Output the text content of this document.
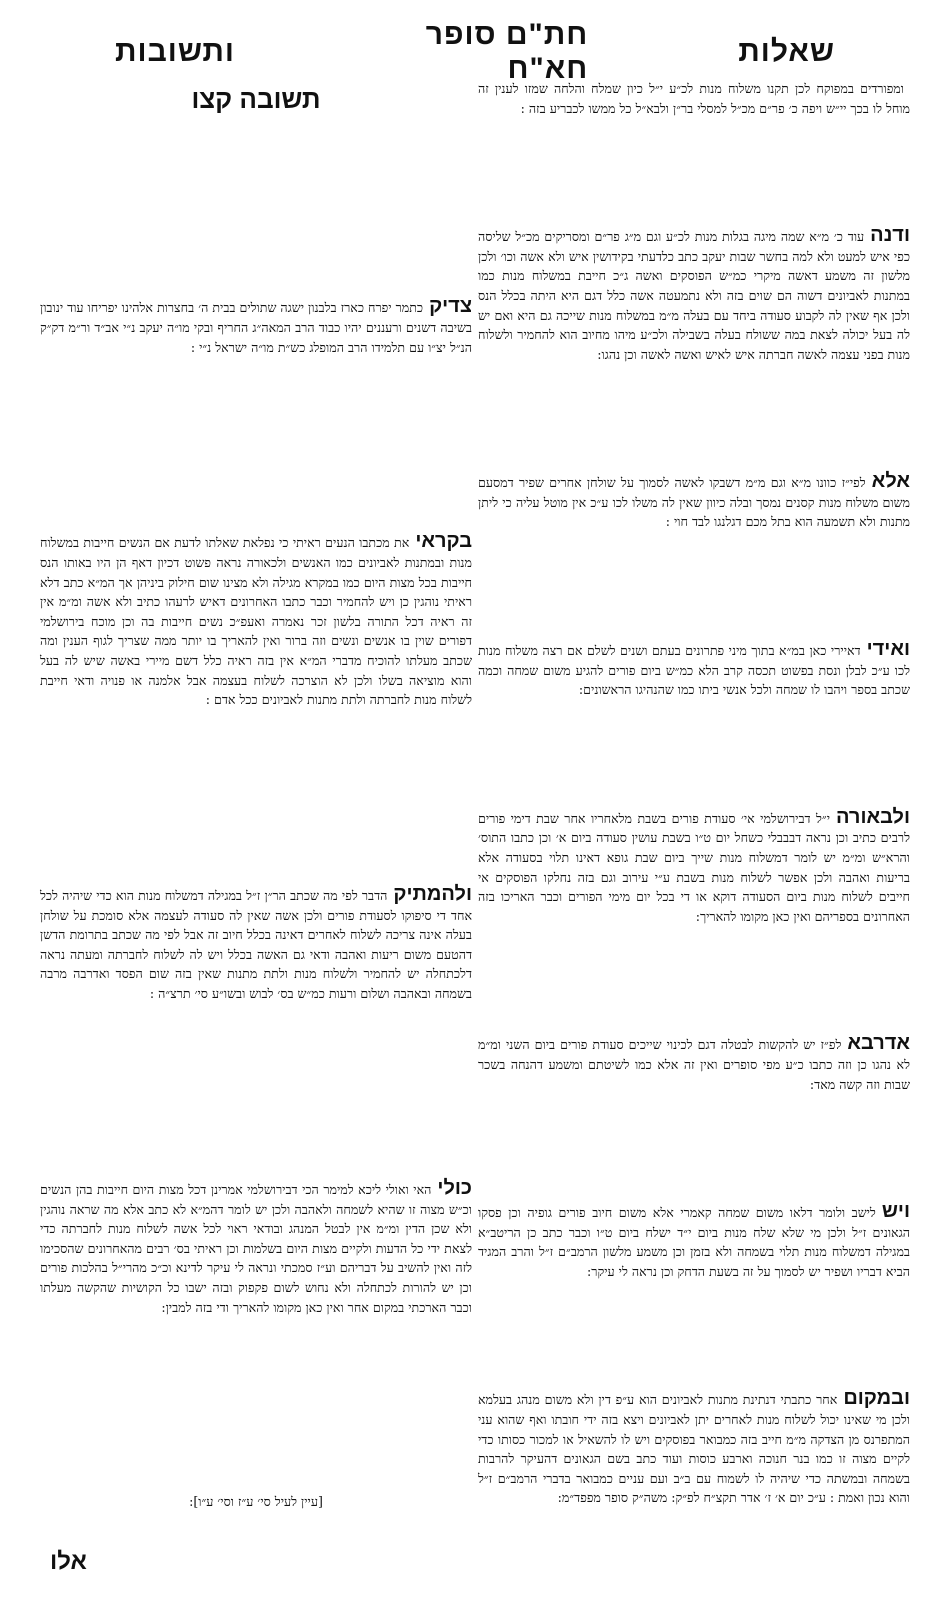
שאלות
חת"ם סופר חא"ח
ותשובות

ומפורדים במפוקח לכן תקנו משלוח מנות לכ״ע י״ל כיון שמלח והלחה שמזו לענין זה מוחל לו בכך יי״ש ויפה כ׳ פר״ם מכ״ל למסלי בר״ן ולבא״ל כל ממשו לכבריע בזה :

ודנהעוד כ׳ מ״א שמה מיגה בגלות מנות לכ״ע וגם מ״ג פר״ם ומסריקים מכ״ל שליסה כפי איש למעט ולא למה בחשר שבות יעקב כתב כלדעתי בקידושין איש ולא אשה וכו׳ ולכן מלשון זה משמע דאשה מיקרי כמ״ש הפוסקים ואשה ג״כ חייבת במשלוח מנות כמו במתנות לאביונים דשוה הם שוים בזה ולא נתמעטה אשה כלל דגם היא היתה בכלל הנס ולכן אף שאין לה לקבוע סעודה ביחד עם בעלה מ״מ במשלוח מנות שייכה גם היא ואם יש לה בעל יכולה לצאת במה ששולח בעלה בשבילה ולכ״ע מיהו מחיוב הוא להחמיר ולשלוח מנות בפני עצמה לאשה חברתה איש לאיש ואשה לאשה וכן נהגו:

אלאלפי״ז כוונו מ״א וגם מ״מ דשבקו לאשה לסמוך על שולחן אחרים שפיר דמסעם משום משלוח מנות קסנים נמסך ובלה כיוון שאין לה משלו לכו ע״כ אין מוטל עליה כי ליתן מתנות ולא תשמעה הוא בתל מכם דגלנגו לבד חוי :

ואידידאיירי כאן במ״א בתוך מיני פתרונים בעתם ושנים לשלם אם רצה משלוח מנות לכו ע״כ לבלן ונסת בפשוט תכסה קרב הלא כמ״ש ביום פורים להגיע משום שמחה וכמה שכתב בספר ויהבו לו שמחה ולכל אנשי ביתו כמו שהנהיגו הראשונים:

ולבאורהי״ל דבירושלמי אי׳ סעודת פורים בשבת מלאחריו אחר שבת דימי פורים לרבים כתיב וכן נראה דבבבלי כשחל יום ט״ו בשבת עושין סעודה ביום א׳ וכן כתבו התוס׳ והרא״ש ומ״מ יש לומר דמשלוח מנות שייך ביום שבת גופא דאינו תלוי בסעודה אלא בריעות ואהבה ולכן אפשר לשלוח מנות בשבת ע״י עירוב וגם בזה נחלקו הפוסקים אי חייבים לשלוח מנות ביום הסעודה דוקא או די בכל יום מימי הפורים וכבר האריכו בזה האחרונים בספריהם ואין כאן מקומו להאריך:

אדרבאלפ״ז יש להקשות לבטלה דגם לכינוי שייכים סעודת פורים ביום השני ומ״מ לא נהגו כן וזה כתבו כ״ע מפי סופרים ואין זה אלא כמו לשיטתם ומשמע דהנחה בשכר שבות וזה קשה מאד:

וישלישב ולומר דלאו משום שמחה קאמרי אלא משום חיוב פורים גופיה וכן פסקו הגאונים ז״ל ולכן מי שלא שלח מנות ביום י״ד ישלח ביום ט״ו וכבר כתב כן הריטב״א במגילה דמשלוח מנות תלוי בשמחה ולא בזמן וכן משמע מלשון הרמב״ם ז״ל והרב המגיד הביא דבריו ושפיר יש לסמוך על זה בשעת הדחק וכן נראה לי עיקר:

ובמקוםאחר כתבתי דנתינת מתנות לאביונים הוא ע״פ דין ולא משום מנהג בעלמא ולכן מי שאינו יכול לשלוח מנות לאחרים יתן לאביונים ויצא בזה ידי חובתו ואף שהוא עני המתפרנס מן הצדקה מ״מ חייב בזה כמבואר בפוסקים ויש לו להשאיל או למכור כסותו כדי לקיים מצוה זו כמו בנר חנוכה וארבע כוסות ועוד כתב בשם הגאונים דהעיקר להרבות בשמחה ובמשתה כדי שיהיה לו לשמוח עם ב״ב ועם עניים כמבואר בדברי הרמב״ם ז״ל והוא נכון ואמת : ע״כ יום א׳ ז׳ אדר תקצ״ח לפ״ק: משה״ק סופר מפפד״מ:

תשובה קצו

צדיקכתמר יפרח כארז בלבנון ישגה שתולים בבית ה׳ בחצרות אלהינו יפריחו עוד ינובון בשיבה דשנים ורעננים יהיו כבוד הרב המאה״ג החריף ובקי מו״ה יעקב נ״י אב״ד ור״מ דק״ק הנ״ל יצ״ו עם תלמידו הרב המופלג כש״ת מו״ה ישראל נ״י :

בקראיאת מכתבו הנעים ראיתי כי נפלאת שאלתו לדעת אם הנשים חייבות במשלוח מנות ובמתנות לאביונים כמו האנשים ולכאורה נראה פשוט דכיון דאף הן היו באותו הנס חייבות בכל מצות היום כמו במקרא מגילה ולא מצינו שום חילוק ביניהן אך המ״א כתב דלא ראיתי נוהגין כן ויש להחמיר וכבר כתבו האחרונים דאיש לרעהו כתיב ולא אשה ומ״מ אין זה ראיה דכל התורה בלשון זכר נאמרה ואעפ״כ נשים חייבות בה וכן מוכח בירושלמי דפורים שוין בו אנשים ונשים וזה ברור ואין להאריך בו יותר ממה שצריך לגוף הענין ומה שכתב מעלתו להוכיח מדברי המ״א אין בזה ראיה כלל דשם מיירי באשה שיש לה בעל והוא מוציאה בשלו ולכן לא הוצרכה לשלוח בעצמה אבל אלמנה או פנויה ודאי חייבת לשלוח מנות לחברתה ולתת מתנות לאביונים ככל אדם :

ולהמתיקהדבר לפי מה שכתב הר״ן ז״ל במגילה דמשלוח מנות הוא כדי שיהיה לכל אחד די סיפוקו לסעודת פורים ולכן אשה שאין לה סעודה לעצמה אלא סומכת על שולחן בעלה אינה צריכה לשלוח לאחרים דאינה בכלל חיוב זה אבל לפי מה שכתב בתרומת הדשן דהטעם משום ריעות ואהבה ודאי גם האשה בכלל ויש לה לשלוח לחברתה ומעתה נראה דלכתחלה יש להחמיר ולשלוח מנות ולתת מתנות שאין בזה שום הפסד ואדרבה מרבה בשמחה ובאהבה ושלום ורעות כמ״ש בס׳ לבוש ובשו״ע סי׳ תרצ״ה :

כוליהאי ואולי ליכא למימר הכי דבירושלמי אמרינן דכל מצות היום חייבות בהן הנשים וכ״ש מצוה זו שהיא לשמחה ולאהבה ולכן יש לומר דהמ״א לא כתב אלא מה שראה נוהגין ולא שכן הדין ומ״מ אין לבטל המנהג ובודאי ראוי לכל אשה לשלוח מנות לחברתה כדי לצאת ידי כל הדעות ולקיים מצות היום בשלמות וכן ראיתי בס׳ רבים מהאחרונים שהסכימו לזה ואין להשיב על דבריהם וע״ז סמכתי ונראה לי עיקר לדינא וכ״כ מהרי״ל בהלכות פורים וכן יש להורות לכתחלה ולא נחוש לשום פקפוק ובזה ישבו כל הקושיות שהקשה מעלתו וכבר הארכתי במקום אחר ואין כאן מקומו להאריך ודי בזה למבין:

[עיין לעיל סי׳ ע״ז וסי׳ ע״ו]:

אלו
